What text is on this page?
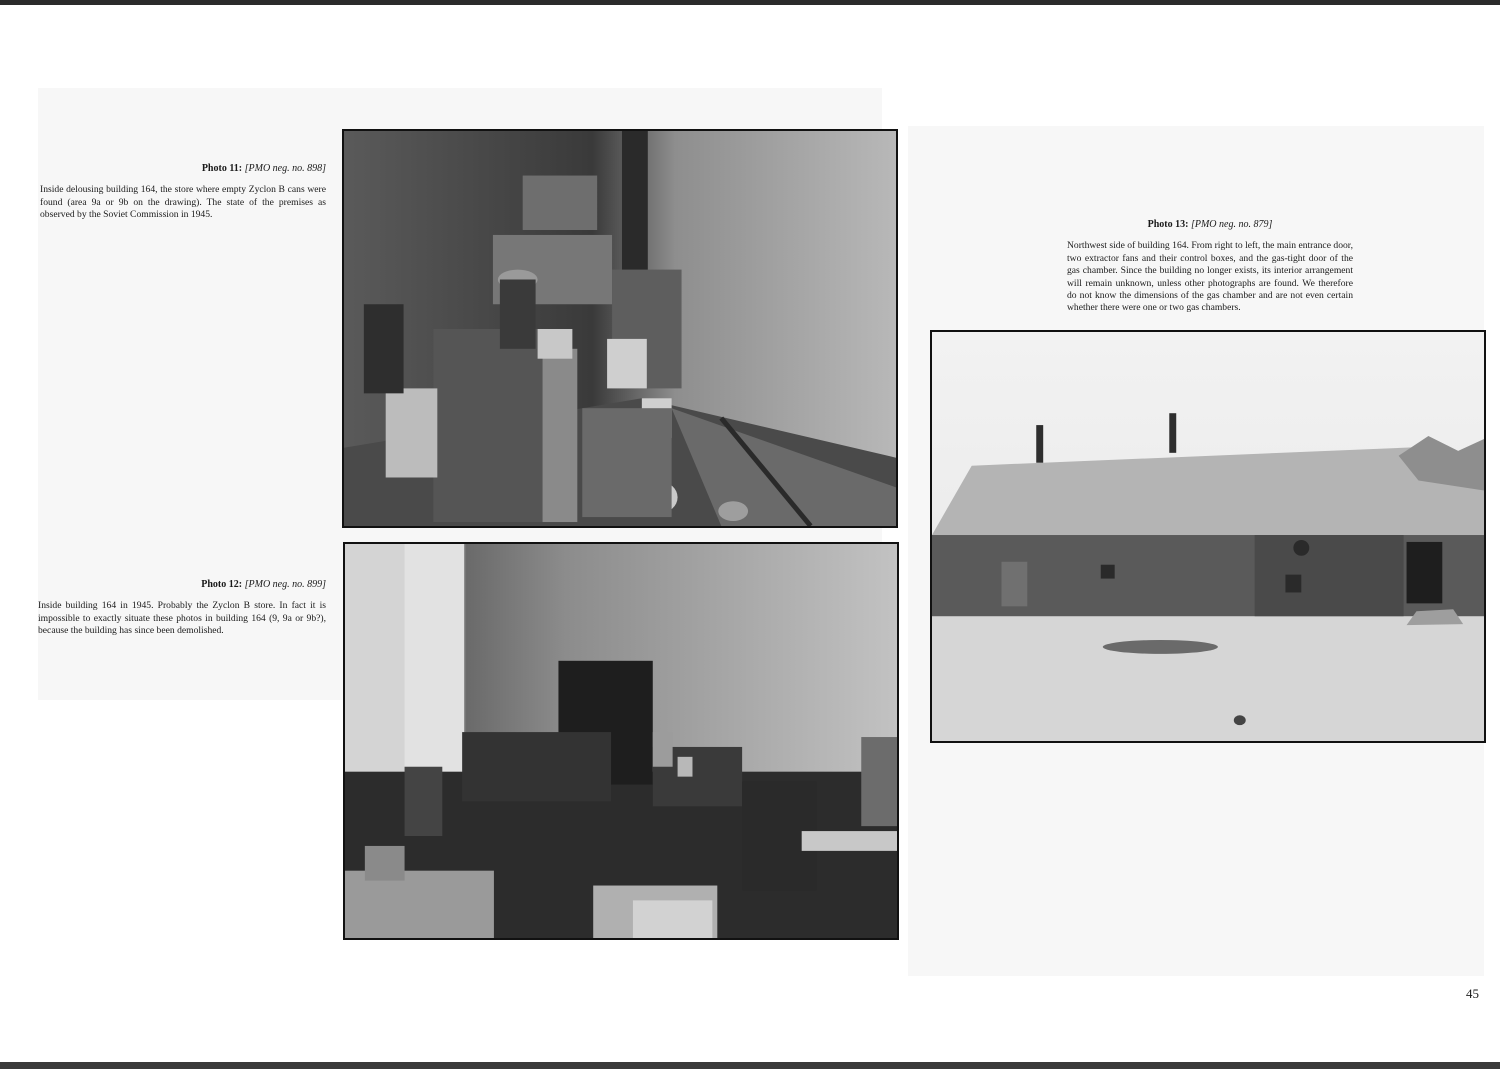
Photo 11: [PMO neg. no. 898]
Inside delousing building 164, the store where empty Zyclon B cans were found (area 9a or 9b on the drawing). The state of the premises as observed by the Soviet Commission in 1945.
Photo 12: [PMO neg. no. 899]
Inside building 164 in 1945. Probably the Zyclon B store. In fact it is impossible to exactly situate these photos in building 164 (9, 9a or 9b?), because the building has since been demolished.
Photo 13: [PMO neg. no. 879]
Northwest side of building 164. From right to left, the main entrance door, two extractor fans and their control boxes, and the gas-tight door of the gas chamber. Since the building no longer exists, its interior arrangement will remain unknown, unless other photographs are found. We therefore do not know the dimensions of the gas chamber and are not even certain whether there were one or two gas chambers.
45
